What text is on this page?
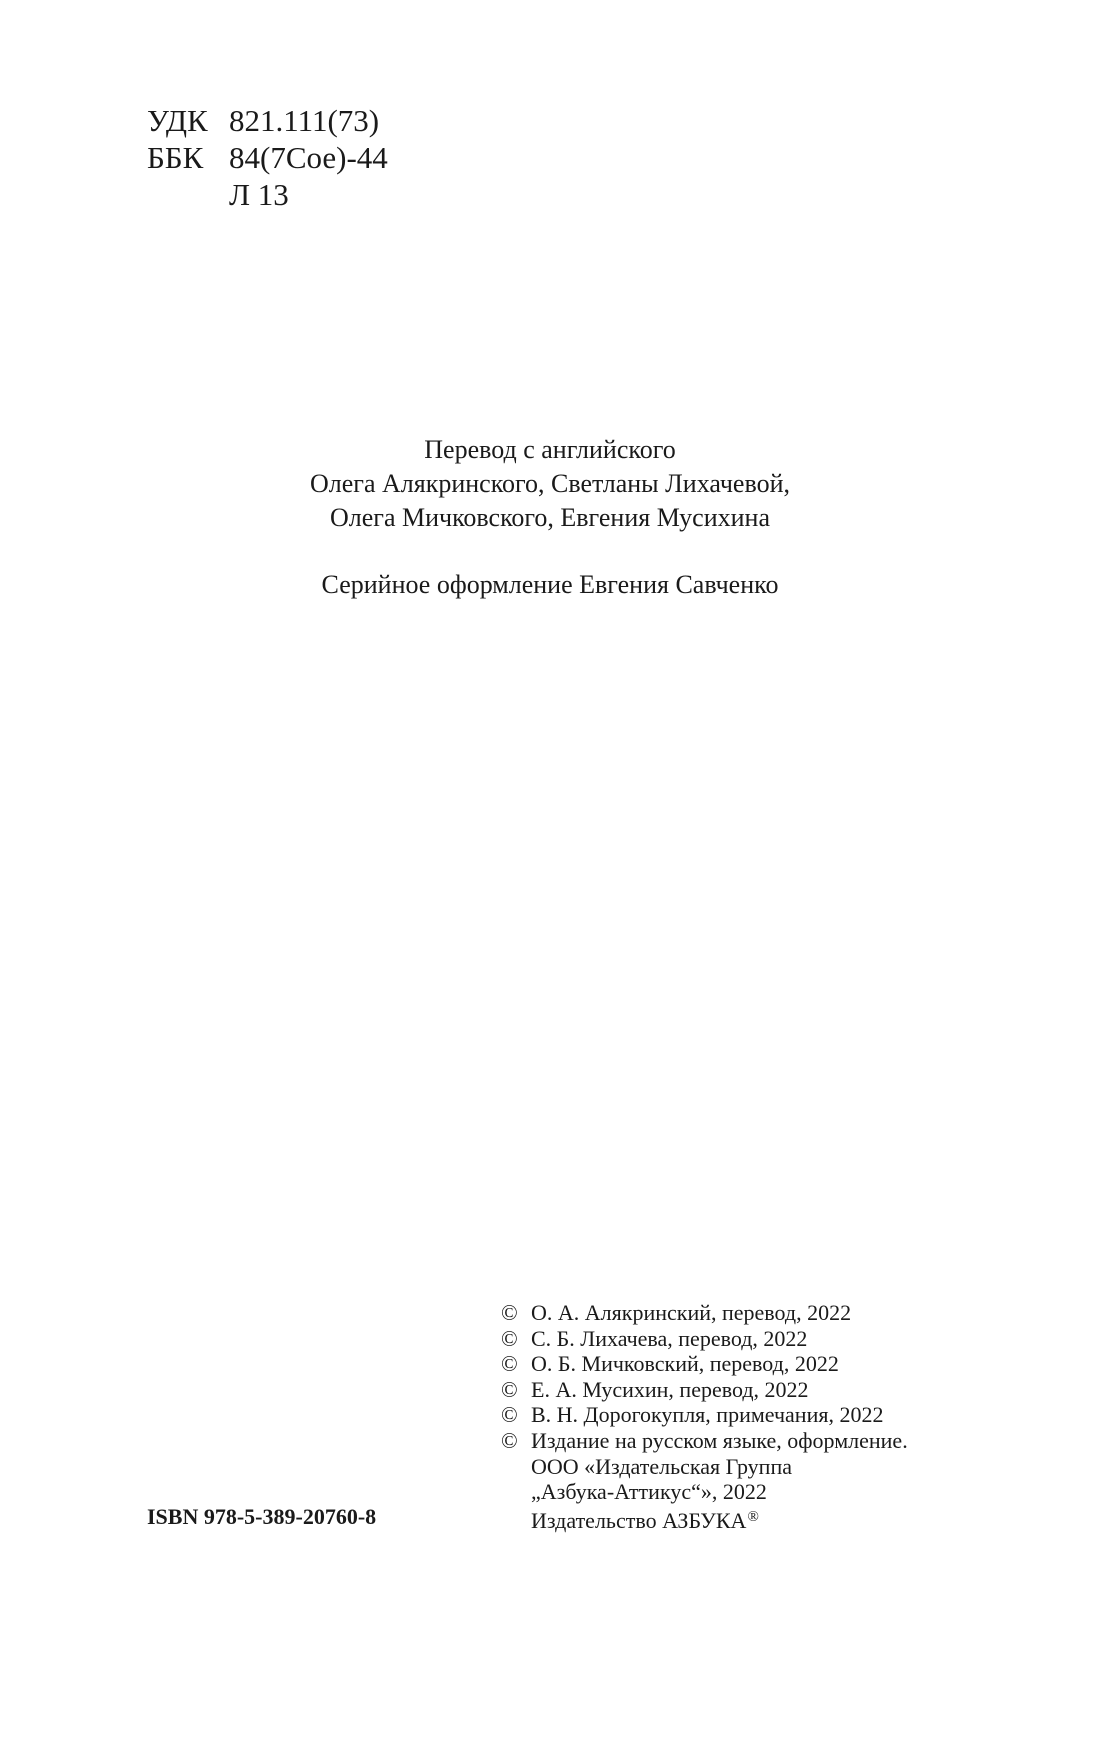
УДК 821.111(73)
ББК 84(7Сое)-44
Л 13
Перевод с английского
Олега Алякринского, Светланы Лихачевой,
Олега Мичковского, Евгения Мусихина
Серийное оформление Евгения Савченко
© О. А. Алякринский, перевод, 2022
© С. Б. Лихачева, перевод, 2022
© О. Б. Мичковский, перевод, 2022
© Е. А. Мусихин, перевод, 2022
© В. Н. Дорогокупля, примечания, 2022
© Издание на русском языке, оформление.
ООО «Издательская Группа
„Азбука-Аттикус“», 2022
Издательство АЗБУКА®
ISBN 978-5-389-20760-8
